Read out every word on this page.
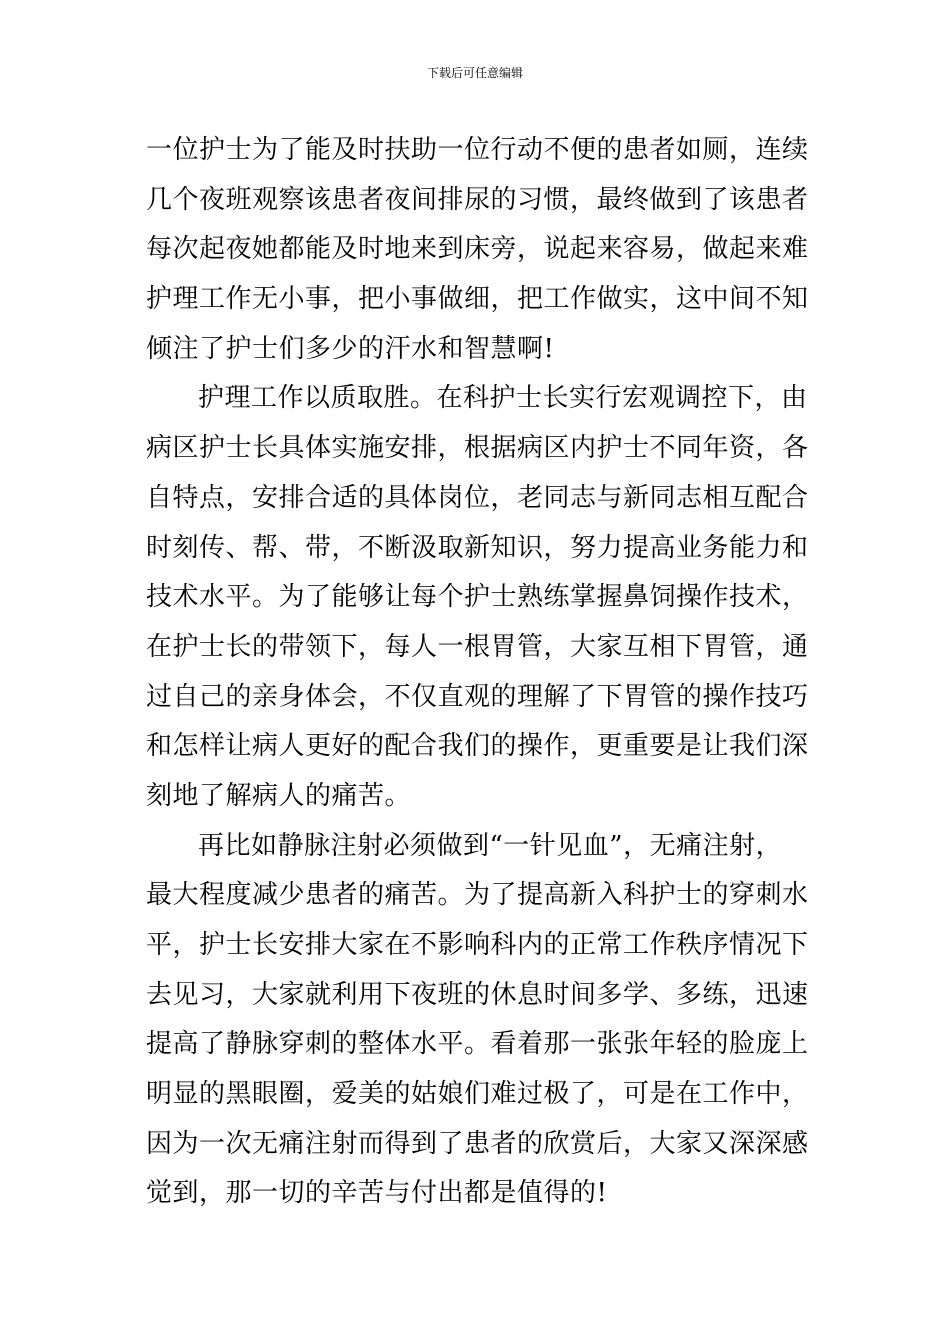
下载后可任意编辑
一位护士为了能及时扶助一位行动不便的患者如厕，连续
几个夜班观察该患者夜间排尿的习惯，最终做到了该患者
每次起夜她都能及时地来到床旁，说起来容易，做起来难
护理工作无小事，把小事做细，把工作做实，这中间不知
倾注了护士们多少的汗水和智慧啊!
护理工作以质取胜。在科护士长实行宏观调控下，由
病区护士长具体实施安排，根据病区内护士不同年资，各
自特点，安排合适的具体岗位，老同志与新同志相互配合
时刻传、帮、带，不断汲取新知识，努力提高业务能力和
技术水平。为了能够让每个护士熟练掌握鼻饲操作技术，
在护士长的带领下，每人一根胃管，大家互相下胃管，通
过自己的亲身体会，不仅直观的理解了下胃管的操作技巧
和怎样让病人更好的配合我们的操作，更重要是让我们深
刻地了解病人的痛苦。
再比如静脉注射必须做到“一针见血”，无痛注射，
最大程度减少患者的痛苦。为了提高新入科护士的穿刺水
平，护士长安排大家在不影响科内的正常工作秩序情况下
去见习，大家就利用下夜班的休息时间多学、多练，迅速
提高了静脉穿刺的整体水平。看着那一张张年轻的脸庞上
明显的黑眼圈，爱美的姑娘们难过极了，可是在工作中，
因为一次无痛注射而得到了患者的欣赏后，大家又深深感
觉到，那一切的辛苦与付出都是值得的!
